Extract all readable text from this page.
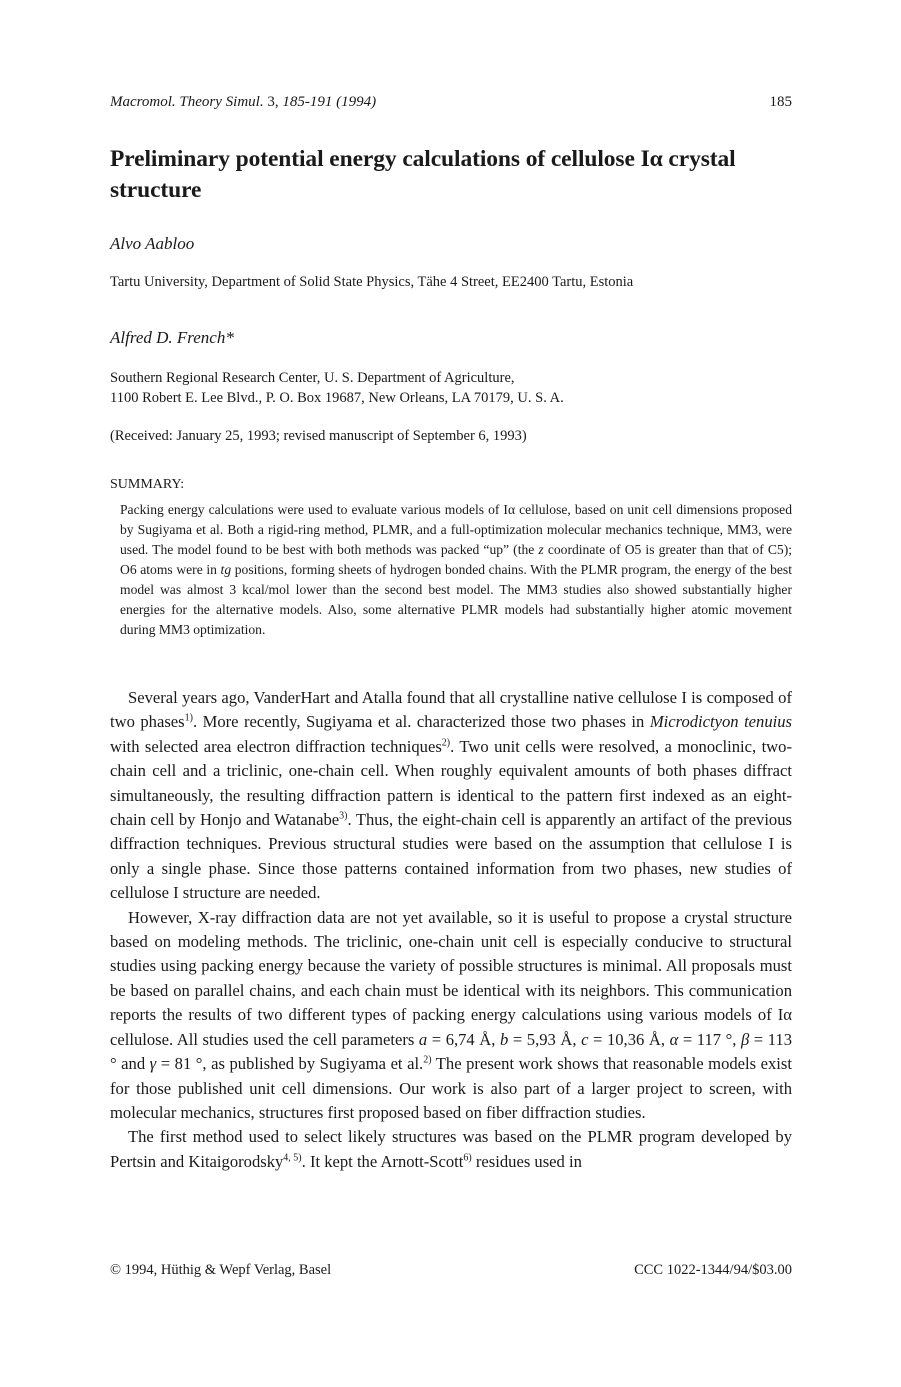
Macromol. Theory Simul. 3, 185-191 (1994)	185
Preliminary potential energy calculations of cellulose Iα crystal structure
Alvo Aabloo
Tartu University, Department of Solid State Physics, Tähe 4 Street, EE2400 Tartu, Estonia
Alfred D. French*
Southern Regional Research Center, U. S. Department of Agriculture,
1100 Robert E. Lee Blvd., P. O. Box 19687, New Orleans, LA 70179, U. S. A.
(Received: January 25, 1993; revised manuscript of September 6, 1993)
SUMMARY:
Packing energy calculations were used to evaluate various models of Iα cellulose, based on unit cell dimensions proposed by Sugiyama et al. Both a rigid-ring method, PLMR, and a full-optimization molecular mechanics technique, MM3, were used. The model found to be best with both methods was packed “up” (the z coordinate of O5 is greater than that of C5); O6 atoms were in tg positions, forming sheets of hydrogen bonded chains. With the PLMR program, the energy of the best model was almost 3 kcal/mol lower than the second best model. The MM3 studies also showed substantially higher energies for the alternative models. Also, some alternative PLMR models had substantially higher atomic movement during MM3 optimization.

Several years ago, VanderHart and Atalla found that all crystalline native cellulose I is composed of two phases$^{1)}$. More recently, Sugiyama et al. characterized those two phases in Microdictyon tenuius with selected area electron diffraction techniques$^{2)}$. Two unit cells were resolved, a monoclinic, two-chain cell and a triclinic, one-chain cell. When roughly equivalent amounts of both phases diffract simultaneously, the resulting diffraction pattern is identical to the pattern first indexed as an eight-chain cell by Honjo and Watanabe$^{3)}$. Thus, the eight-chain cell is apparently an artifact of the previous diffraction techniques. Previous structural studies were based on the assumption that cellulose I is only a single phase. Since those patterns contained information from two phases, new studies of cellulose I structure are needed.

However, X-ray diffraction data are not yet available, so it is useful to propose a crystal structure based on modeling methods. The triclinic, one-chain unit cell is especially conducive to structural studies using packing energy because the variety of possible structures is minimal. All proposals must be based on parallel chains, and each chain must be identical with its neighbors. This communication reports the results of two different types of packing energy calculations using various models of Iα cellulose. All studies used the cell parameters a = 6,74 Å, b = 5,93 Å, c = 10,36 Å, α = 117 °, β = 113 ° and γ = 81 °, as published by Sugiyama et al.$^{2)}$ The present work shows that reasonable models exist for those published unit cell dimensions. Our work is also part of a larger project to screen, with molecular mechanics, structures first proposed based on fiber diffraction studies.

The first method used to select likely structures was based on the PLMR program developed by Pertsin and Kitaigorodsky$^{4, 5)}$. It kept the Arnott-Scott$^{6)}$ residues used in

© 1994, Hüthig & Wepf Verlag, Basel	CCC 1022-1344/94/$03.00
